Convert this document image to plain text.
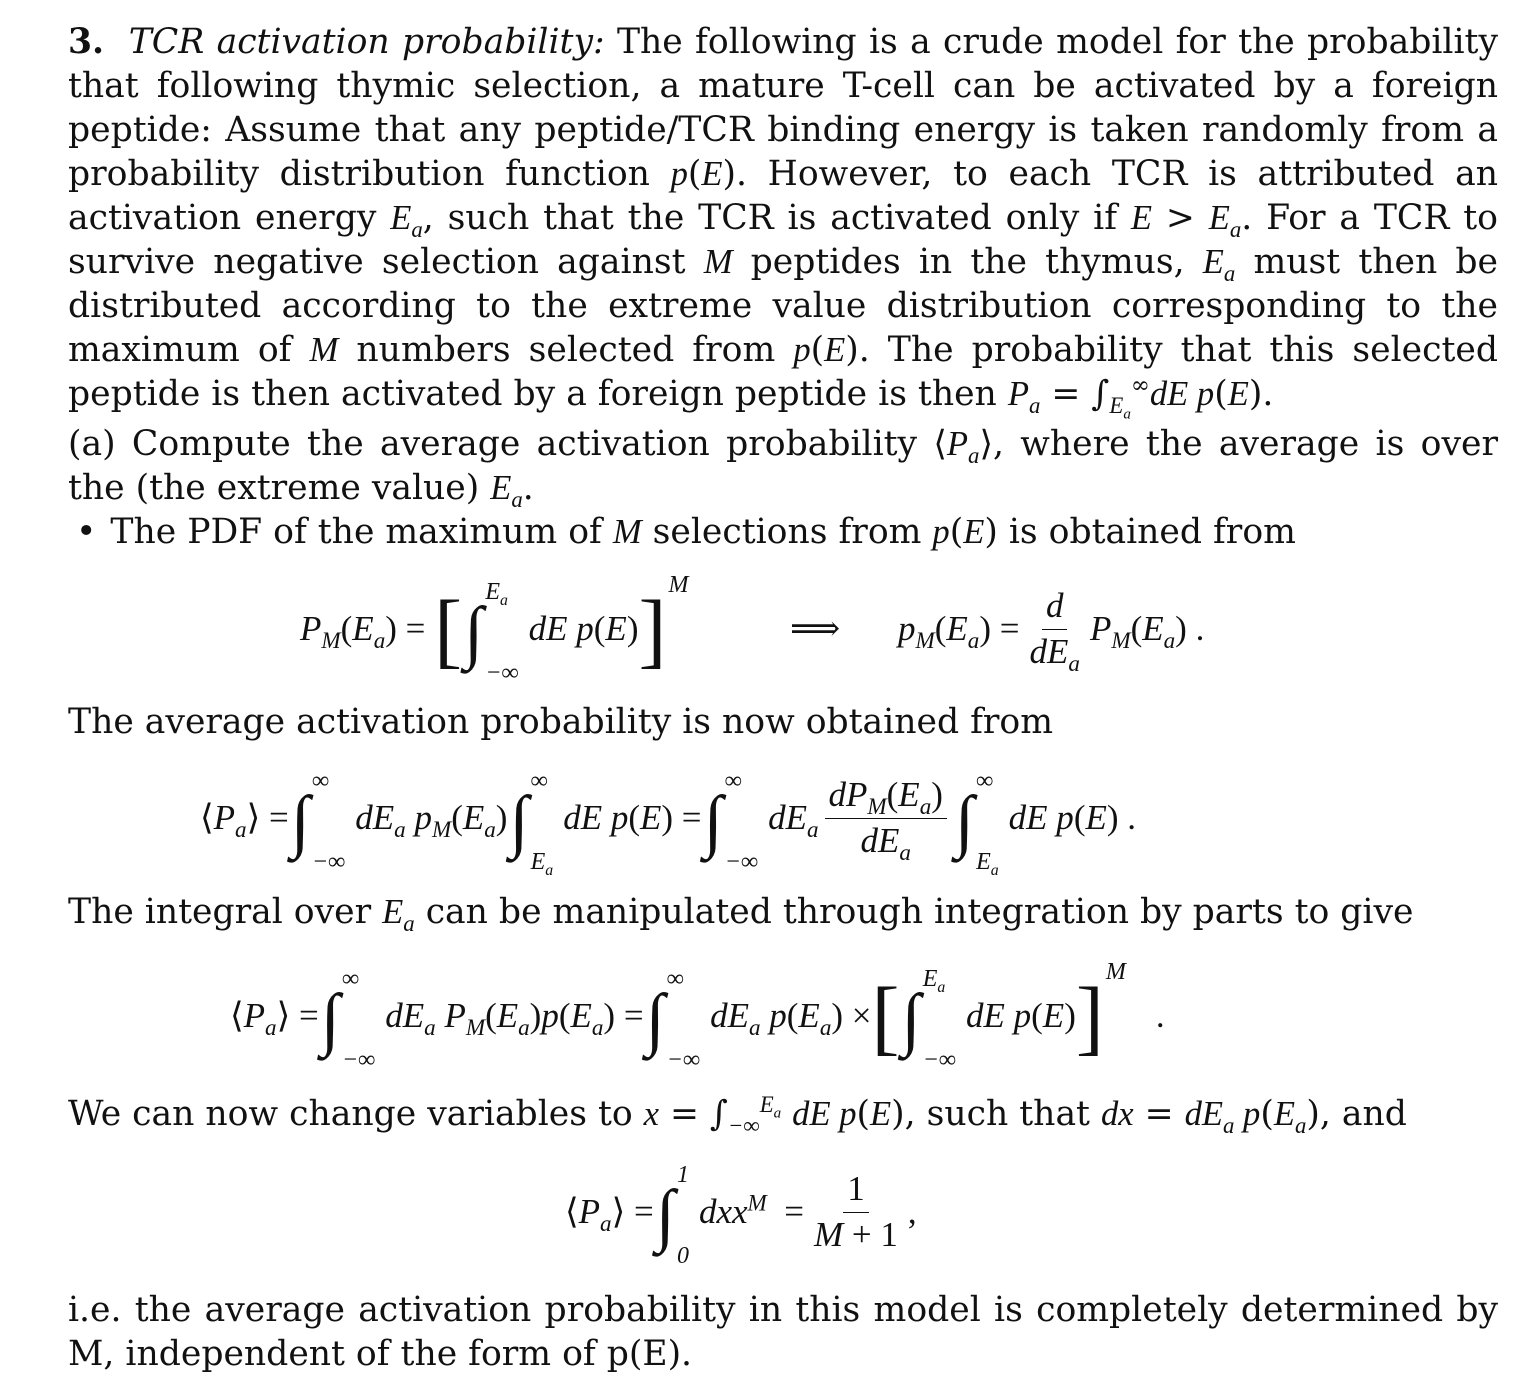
3. TCR activation probability: The following is a crude model for the probability that following thymic selection, a mature T-cell can be activated by a foreign peptide: Assume that any peptide/TCR binding energy is taken randomly from a probability distribution function p(E). However, to each TCR is attributed an activation energy $E_a$, such that the TCR is activated only if $E > E_a$. For a TCR to survive negative selection against M peptides in the thymus, $E_a$ must then be distributed according to the extreme value distribution corresponding to the maximum of M numbers selected from p(E). The probability that this selected peptide is then activated by a foreign peptide is then $P_a = \int_{E_a}^\infty dE$ p(E).

(a) Compute the average activation probability $⟨P_a⟩$, where the average is over the (the extreme value) $E_a$.

• The PDF of the maximum of M selections from p(E) is obtained from
$P_M$ ( $E_a$ ) = [ ∫
$E_a$
−∞
dE p ( E ) ] M
⟹ $p_M$ ( $E_a$ ) = $\frac{d}{dE_a} P_M$ ( $E_a$ ) .
The average activation probability is now obtained from
⟨ $P_a$ ⟩ = ∫
∞
−∞
$dE_a$ $p_M$ ( $E_a$ ) ∫
∞
$E_a$
dE p ( E ) = ∫
∞
−∞
$dE_a \frac{dP_M(E_a)}{dE_a}$ ∫
∞
$E_a$
dE p ( E ) .
The integral over $E_a$ can be manipulated through integration by parts to give
⟨ $P_a$ ⟩ = ∫
∞
−∞
$dE_a$ $P_M$ ( $E_a$ ) p ( $E_a$ ) = ∫
∞
−∞
$dE_a$ p ( $E_a$ ) × [ ∫
$E_a$
−∞
dE p ( E ) ] M
.
We can now change variables to $x = \int_{-\infty}^{E_a}$ dE p(E), such that dx = $dE_a$ $p(E_a)$, and
⟨ $P_a$ ⟩ = ∫
1
0
$dxx^M = \frac{1}{M + 1}$ ,

i.e. the average activation probability in this model is completely determined by M, independent of the form of p(E).
